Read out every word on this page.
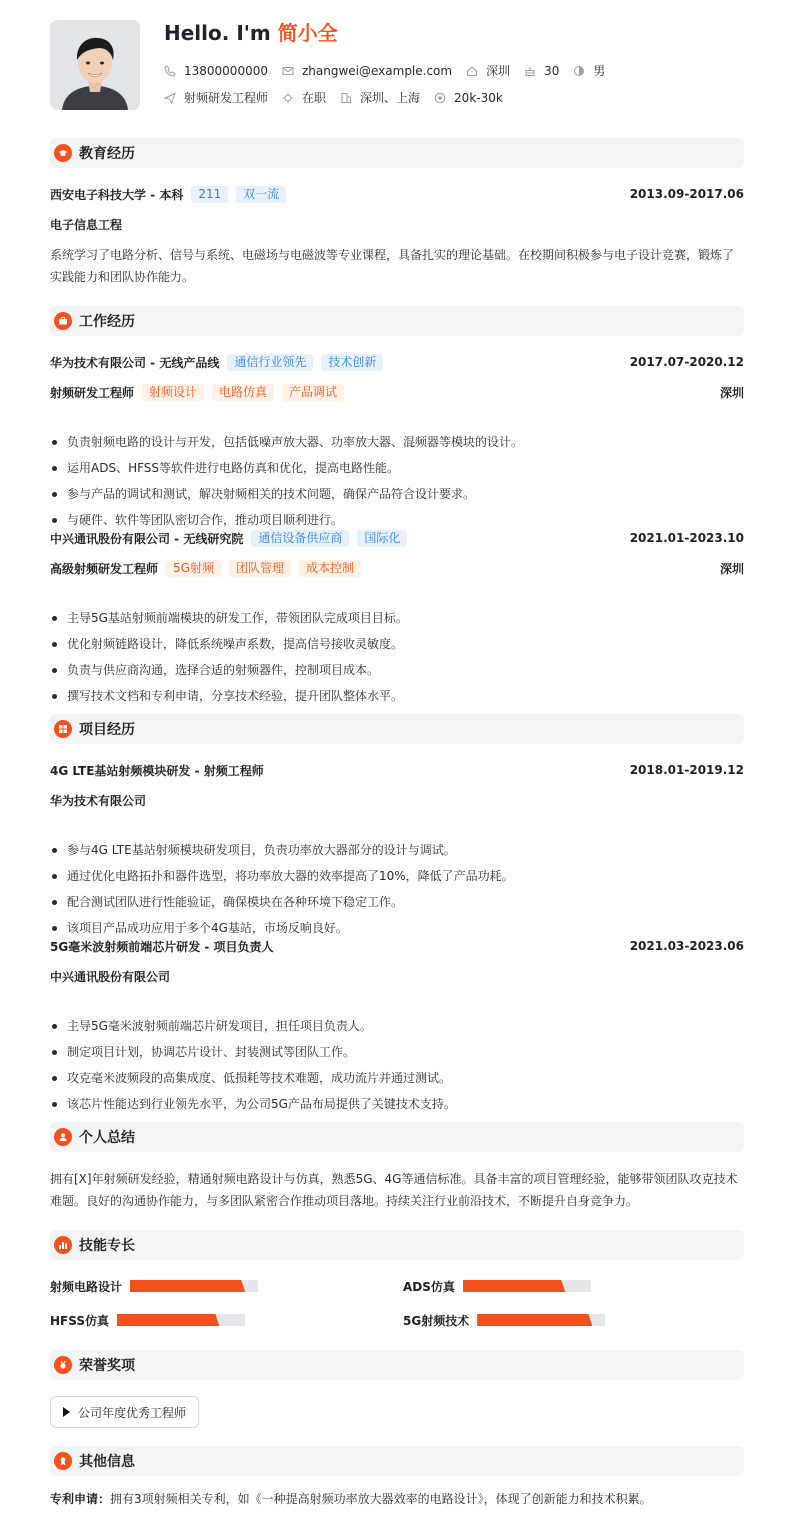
Hello. I'm 简小全
13800000000	zhangwei@example.com	深圳	30	男
射频研发工程师	在职	深圳、上海	20k-30k
教育经历
西安电子科技大学 - 本科	211	双一流	2013.09-2017.06
电子信息工程
系统学习了电路分析、信号与系统、电磁场与电磁波等专业课程，具备扎实的理论基础。在校期间积极参与电子设计竞赛，锻炼了实践能力和团队协作能力。
工作经历
华为技术有限公司 - 无线产品线	通信行业领先	技术创新	2017.07-2020.12
射频研发工程师	射频设计	电路仿真	产品调试	深圳
负责射频电路的设计与开发，包括低噪声放大器、功率放大器、混频器等模块的设计。
运用ADS、HFSS等软件进行电路仿真和优化，提高电路性能。
参与产品的调试和测试，解决射频相关的技术问题，确保产品符合设计要求。
与硬件、软件等团队密切合作，推动项目顺利进行。
中兴通讯股份有限公司 - 无线研究院	通信设备供应商	国际化	2021.01-2023.10
高级射频研发工程师	5G射频	团队管理	成本控制	深圳
主导5G基站射频前端模块的研发工作，带领团队完成项目目标。
优化射频链路设计，降低系统噪声系数，提高信号接收灵敏度。
负责与供应商沟通，选择合适的射频器件，控制项目成本。
撰写技术文档和专利申请，分享技术经验，提升团队整体水平。
项目经历
4G LTE基站射频模块研发 - 射频工程师	2018.01-2019.12
华为技术有限公司
参与4G LTE基站射频模块研发项目，负责功率放大器部分的设计与调试。
通过优化电路拓扑和器件选型，将功率放大器的效率提高了10%，降低了产品功耗。
配合测试团队进行性能验证，确保模块在各种环境下稳定工作。
该项目产品成功应用于多个4G基站，市场反响良好。
5G毫米波射频前端芯片研发 - 项目负责人	2021.03-2023.06
中兴通讯股份有限公司
主导5G毫米波射频前端芯片研发项目，担任项目负责人。
制定项目计划，协调芯片设计、封装测试等团队工作。
攻克毫米波频段的高集成度、低损耗等技术难题，成功流片并通过测试。
该芯片性能达到行业领先水平，为公司5G产品布局提供了关键技术支持。
个人总结
拥有[X]年射频研发经验，精通射频电路设计与仿真，熟悉5G、4G等通信标准。具备丰富的项目管理经验，能够带领团队攻克技术难题。良好的沟通协作能力，与多团队紧密合作推动项目落地。持续关注行业前沿技术，不断提升自身竞争力。
技能专长
射频电路设计	ADS仿真
HFSS仿真	5G射频技术
荣誉奖项
公司年度优秀工程师
其他信息
专利申请：拥有3项射频相关专利，如《一种提高射频功率放大器效率的电路设计》，体现了创新能力和技术积累。
